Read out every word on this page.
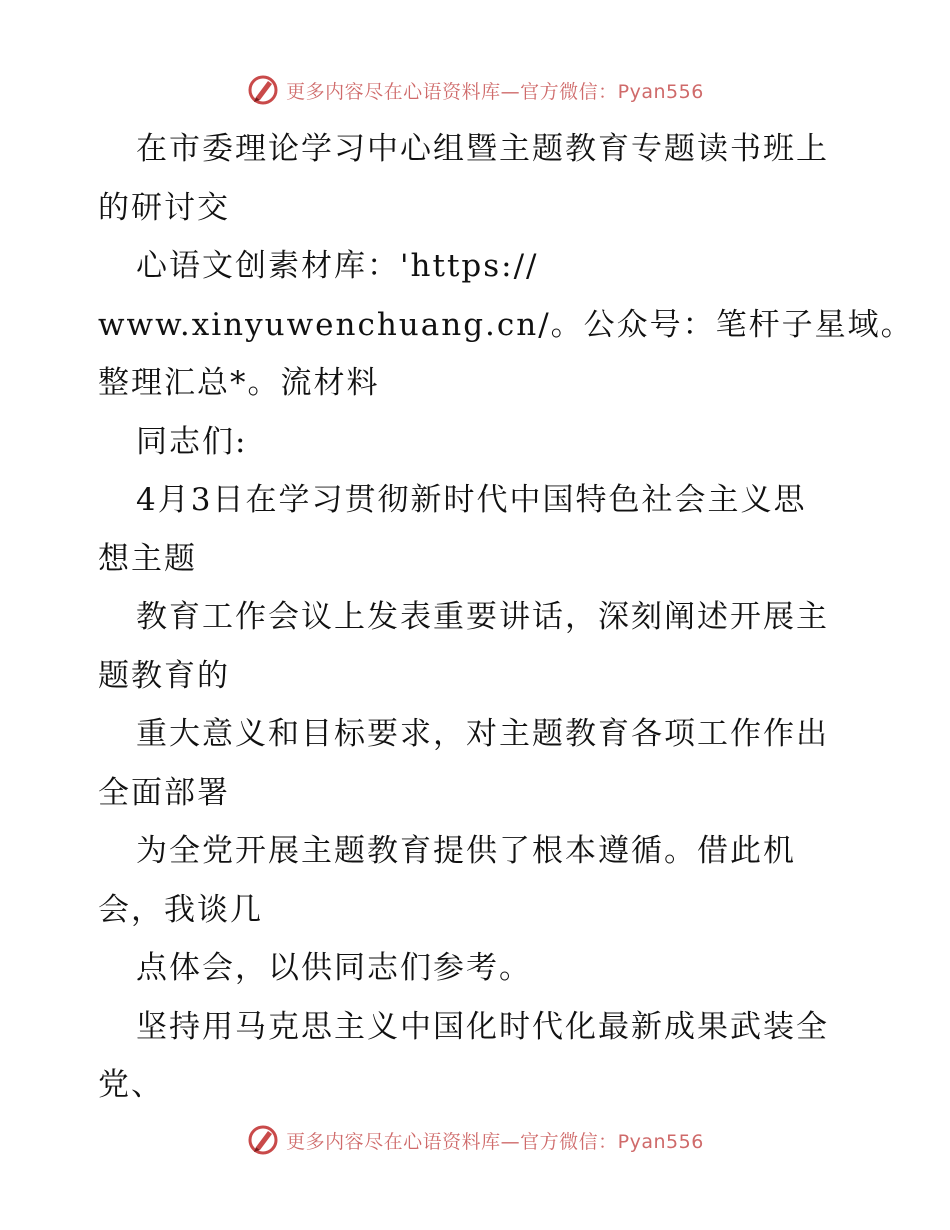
更多内容尽在心语资料库—官方微信：Pyan556
在市委理论学习中心组暨主题教育专题读书班上
的研讨交
心语文创素材库：'https://
www.xinyuwenchuang.cn/。公众号：笔杆子星域。
整理汇总*。流材料
同志们:
4月3日在学习贯彻新时代中国特色社会主义思
想主题
教育工作会议上发表重要讲话，深刻阐述开展主
题教育的
重大意义和目标要求，对主题教育各项工作作出
全面部署
为全党开展主题教育提供了根本遵循。借此机
会，我谈几
点体会，以供同志们参考。
坚持用马克思主义中国化时代化最新成果武装全
党、
更多内容尽在心语资料库—官方微信：Pyan556
